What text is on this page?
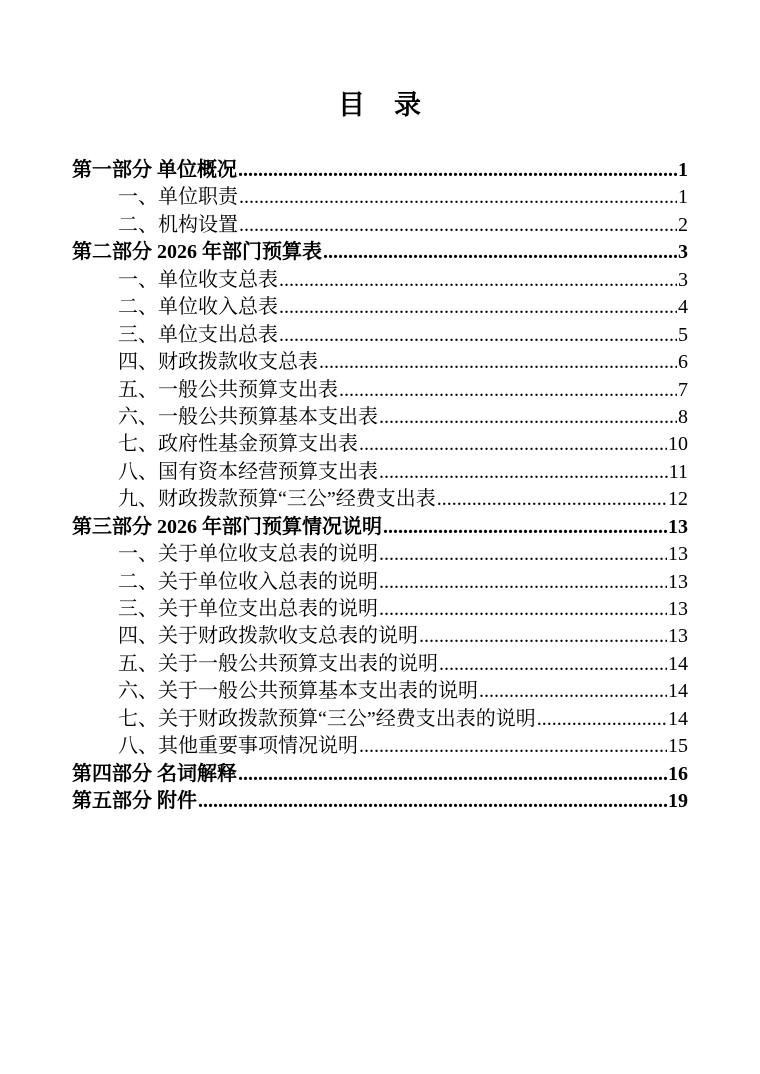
目　录
第一部分 单位概况 .....	1
一、单位职责 .....	1
二、机构设置 .....	2
第二部分 2026 年部门预算表 .....	3
一、单位收支总表 .....	3
二、单位收入总表 .....	4
三、单位支出总表 .....	5
四、财政拨款收支总表 .....	6
五、一般公共预算支出表 .....	7
六、一般公共预算基本支出表 .....	8
七、政府性基金预算支出表 .....	10
八、国有资本经营预算支出表 .....	11
九、财政拨款预算“三公”经费支出表 .....	12
第三部分 2026 年部门预算情况说明 .....	13
一、关于单位收支总表的说明 .....	13
二、关于单位收入总表的说明 .....	13
三、关于单位支出总表的说明 .....	13
四、关于财政拨款收支总表的说明 .....	13
五、关于一般公共预算支出表的说明 .....	14
六、关于一般公共预算基本支出表的说明 .....	14
七、关于财政拨款预算“三公”经费支出表的说明 .....	14
八、其他重要事项情况说明 .....	15
第四部分 名词解释 .....	16
第五部分 附件 .....	19
